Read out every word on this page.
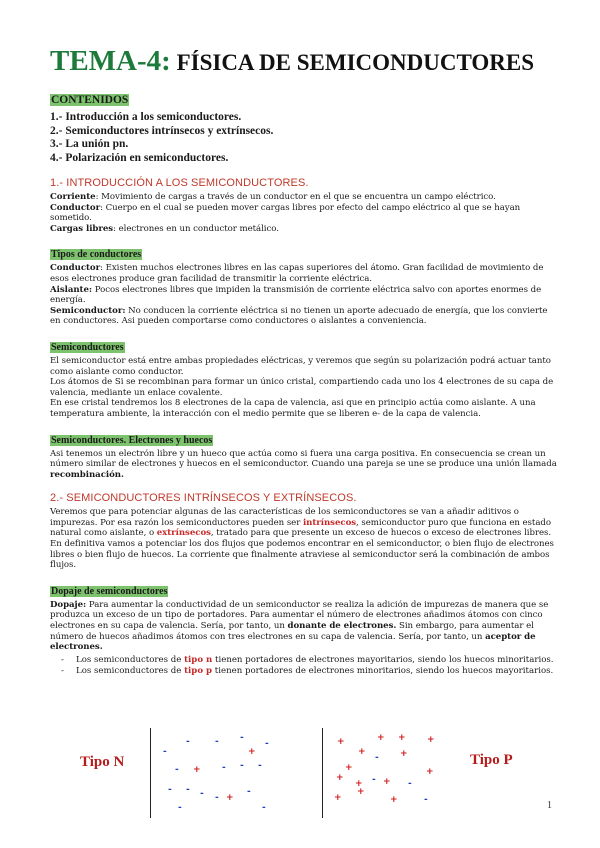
TEMA-4: FÍSICA DE SEMICONDUCTORES
CONTENIDOS
1.- Introducción a los semiconductores.
2.- Semiconductores intrínsecos y extrínsecos.
3.- La unión pn.
4.- Polarización en semiconductores.
1.- INTRODUCCIÓN A LOS SEMICONDUCTORES.

Corriente: Movimiento de cargas a través de un conductor en el que se encuentra un campo eléctrico.

Conductor: Cuerpo en el cual se pueden mover cargas libres por efecto del campo eléctrico al que se hayan sometido.

Cargas libres: electrones en un conductor metálico.

Tipos de conductores

Conductor: Existen muchos electrones libres en las capas superiores del átomo. Gran facilidad de movimiento de esos electrones produce gran facilidad de transmitir la corriente eléctrica.

Aislante: Pocos electrones libres que impiden la transmisión de corriente eléctrica salvo con aportes enormes de energía.

Semiconductor: No conducen la corriente eléctrica si no tienen un aporte adecuado de energía, que los convierte en conductores. Asi pueden comportarse como conductores o aislantes a conveniencia.

Semiconductores

El semiconductor está entre ambas propiedades eléctricas, y veremos que según su polarización podrá actuar tanto como aislante como conductor.

Los átomos de Si se recombinan para formar un único cristal, compartiendo cada uno los 4 electrones de su capa de valencia, mediante un enlace covalente.

En ese cristal tendremos los 8 electrones de la capa de valencia, asi que en principio actúa como aislante. A una temperatura ambiente, la interacción con el medio permite que se liberen e- de la capa de valencia.

Semiconductores. Electrones y huecos

Asi tenemos un electrón libre y un hueco que actúa como si fuera una carga positiva. En consecuencia se crean un número similar de electrones y huecos en el semiconductor. Cuando una pareja se une se produce una unión llamada recombinación.

2.- SEMICONDUCTORES INTRÍNSECOS Y EXTRÍNSECOS.

Veremos que para potenciar algunas de las características de los semiconductores se van a añadir aditivos o impurezas. Por esa razón los semiconductores pueden ser intrínsecos, semiconductor puro que funciona en estado natural como aislante, o extrínsecos, tratado para que presente un exceso de huecos o exceso de electrones libres.

En definitiva vamos a potenciar los dos flujos que podemos encontrar en el semiconductor, o bien flujo de electrones libres o bien flujo de huecos. La corriente que finalmente atraviese al semiconductor será la combinación de ambos flujos.

Dopaje de semiconductores

Dopaje: Para aumentar la conductividad de un semiconductor se realiza la adición de impurezas de manera que se produzca un exceso de un tipo de portadores. Para aumentar el número de electrones añadimos átomos con cinco electrones en su capa de valencia. Sería, por tanto, un donante de electrones. Sin embargo, para aumentar el número de huecos añadimos átomos con tres electrones en su capa de valencia. Sería, por tanto, un aceptor de electrones.

- Los semiconductores de tipo n tienen portadores de electrones mayoritarios, siendo los huecos minoritarios.
- Los semiconductores de tipo p tienen portadores de electrones minoritarios, siendo los huecos mayoritarios.
Tipo N
-	- -
-
-	+
- + - - -
- - - - +
-
-	-
+	+ + +
+	+
-
+	+
+	- +
+	-
+	+
+
-
Tipo P
1
